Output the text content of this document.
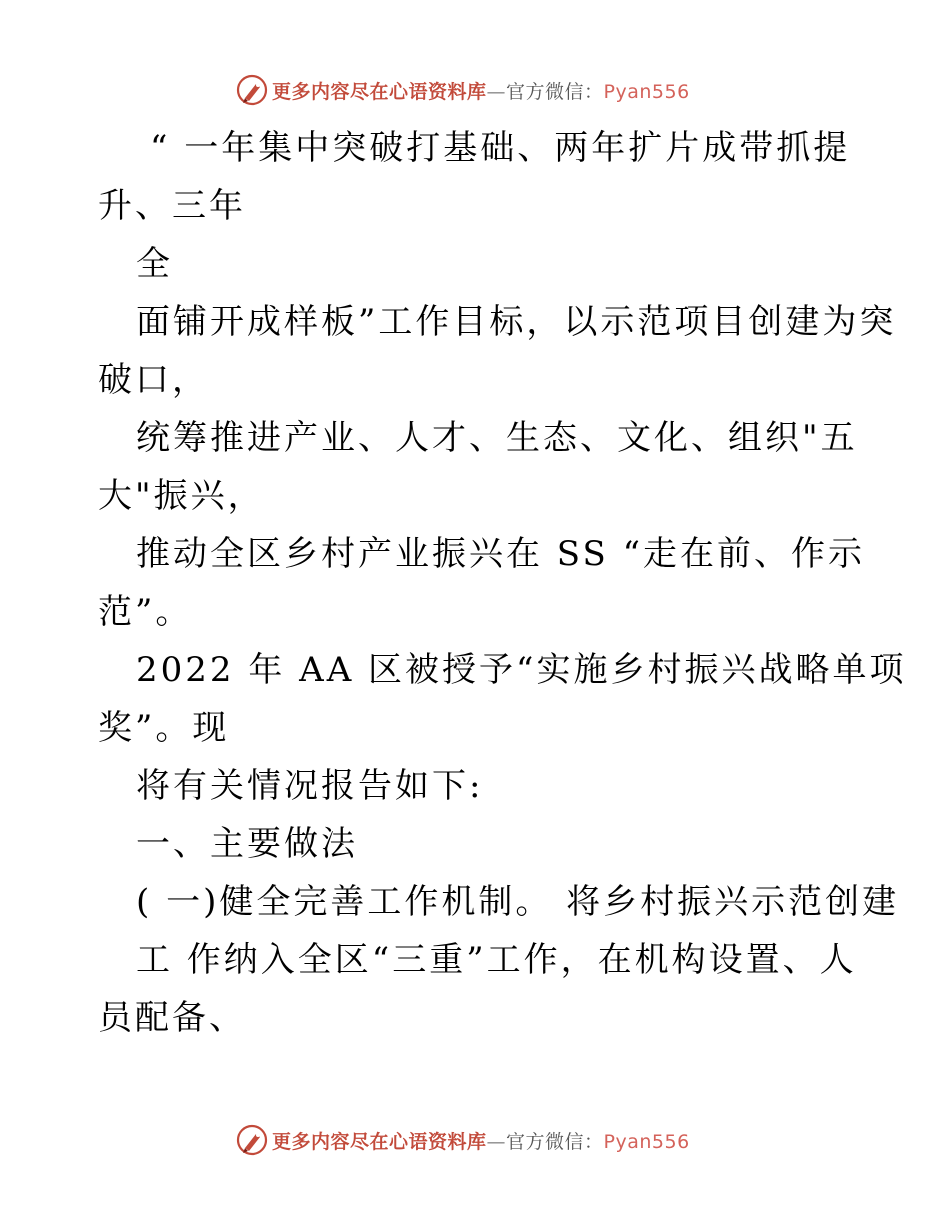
更多内容尽在心语资料库—官方微信：Pyan556
“ 一年集中突破打基础、两年扩片成带抓提
升、三年
全
面铺开成样板”工作目标，以示范项目创建为突
破口，
统筹推进产业、人才、生态、文化、组织"五
大"振兴，
推动全区乡村产业振兴在 SS “走在前、作示
范”。
2022 年 AA 区被授予“实施乡村振兴战略单项
奖”。现
将有关情况报告如下:
一、主要做法
( 一)健全完善工作机制。 将乡村振兴示范创建
工 作纳入全区“三重”工作，在机构设置、人
员配备、
更多内容尽在心语资料库—官方微信：Pyan556
